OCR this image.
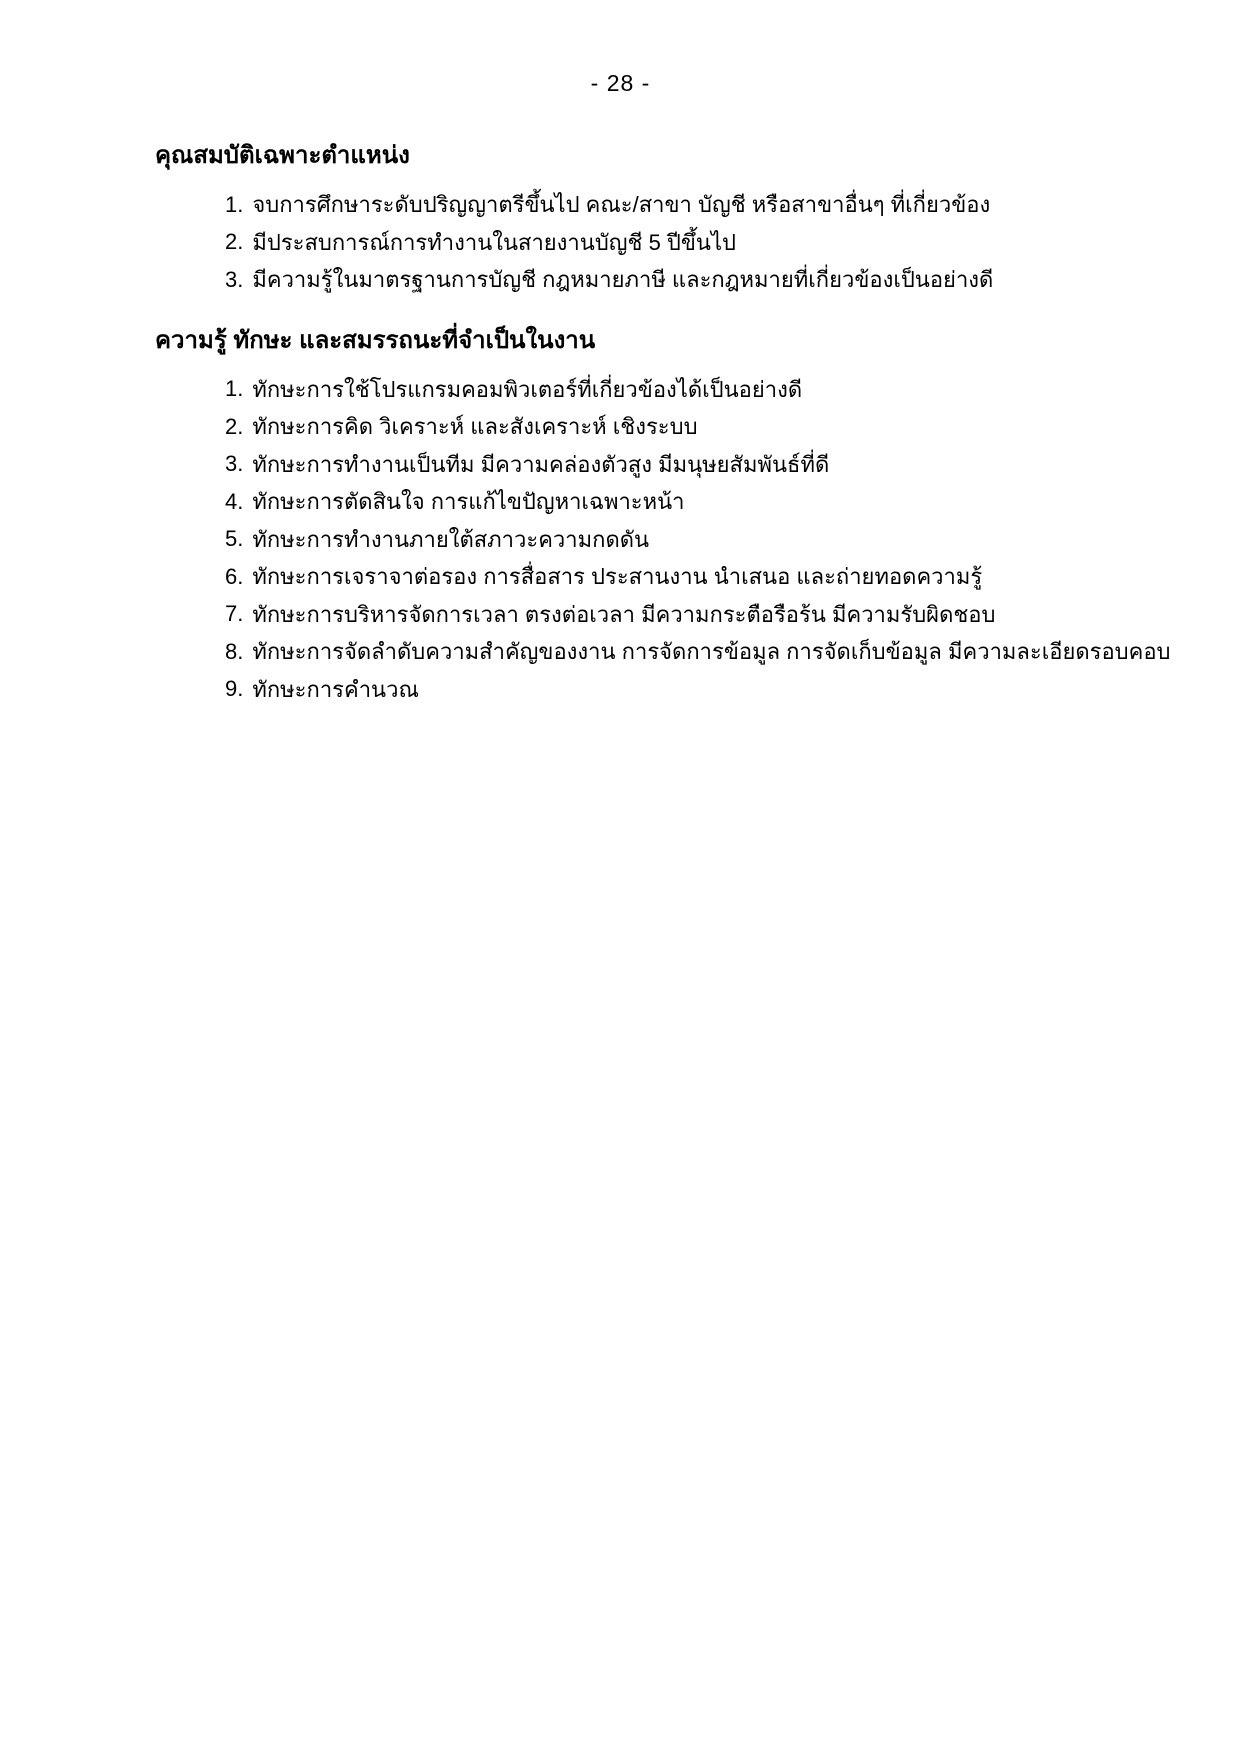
- 28 -
คุณสมบัติเฉพาะตำแหน่ง
1. จบการศึกษาระดับปริญญาตรีขึ้นไป คณะ/สาขา บัญชี หรือสาขาอื่นๆ ที่เกี่ยวข้อง
2. มีประสบการณ์การทำงานในสายงานบัญชี 5 ปีขึ้นไป
3. มีความรู้ในมาตรฐานการบัญชี กฎหมายภาษี และกฎหมายที่เกี่ยวข้องเป็นอย่างดี
ความรู้ ทักษะ และสมรรถนะที่จำเป็นในงาน
1. ทักษะการใช้โปรแกรมคอมพิวเตอร์ที่เกี่ยวข้องได้เป็นอย่างดี
2. ทักษะการคิด วิเคราะห์ และสังเคราะห์ เชิงระบบ
3. ทักษะการทำงานเป็นทีม มีความคล่องตัวสูง มีมนุษยสัมพันธ์ที่ดี
4. ทักษะการตัดสินใจ การแก้ไขปัญหาเฉพาะหน้า
5. ทักษะการทำงานภายใต้สภาวะความกดดัน
6. ทักษะการเจราจาต่อรอง การสื่อสาร ประสานงาน นำเสนอ และถ่ายทอดความรู้
7. ทักษะการบริหารจัดการเวลา ตรงต่อเวลา มีความกระตือรือร้น มีความรับผิดชอบ
8. ทักษะการจัดลำดับความสำคัญของงาน การจัดการข้อมูล การจัดเก็บข้อมูล มีความละเอียดรอบคอบ
9. ทักษะการคำนวณ
